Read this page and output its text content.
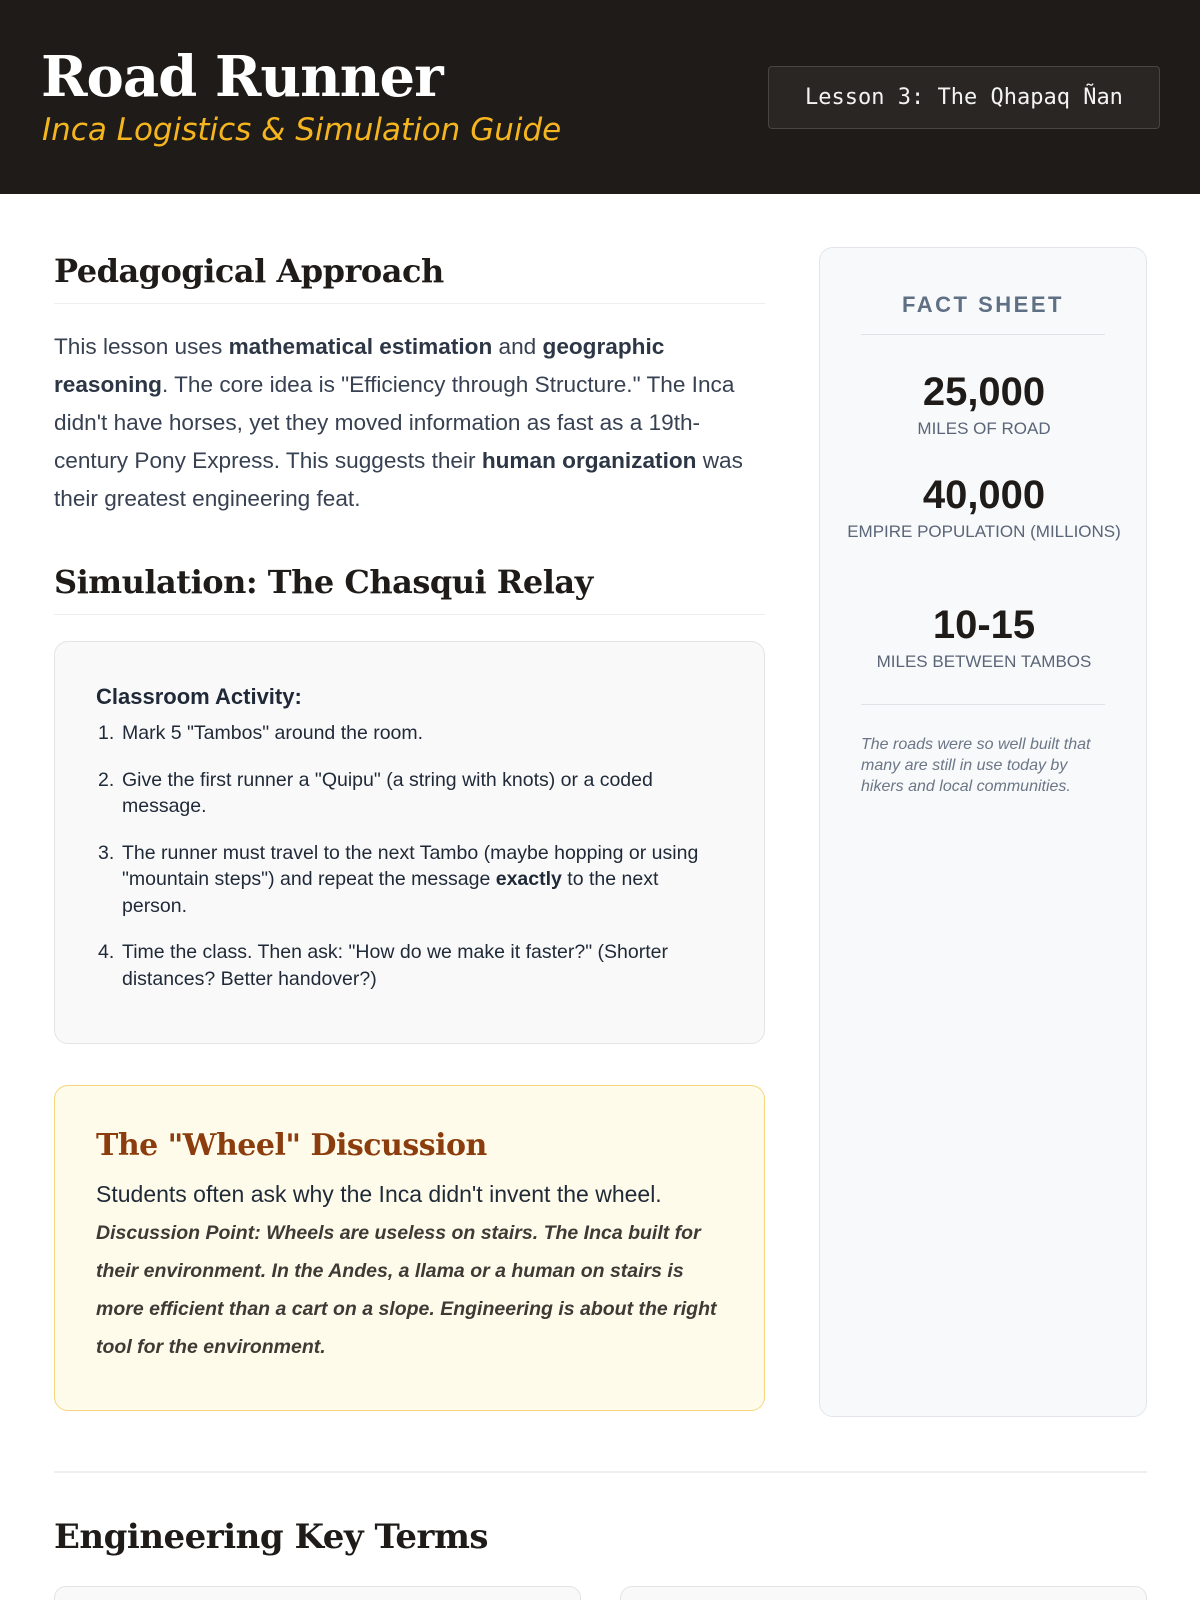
Road Runner
Inca Logistics & Simulation Guide
Lesson 3: The Qhapaq Ñan
Pedagogical Approach

This lesson uses mathematical estimation and geographic reasoning. The core idea is "Efficiency through Structure." The Inca didn't have horses, yet they moved information as fast as a 19th-century Pony Express. This suggests their human organization was their greatest engineering feat.

Simulation: The Chasqui Relay
Classroom Activity:
1. Mark 5 "Tambos" around the room.
2. Give the first runner a "Quipu" (a string with knots) or a coded message.
3. The runner must travel to the next Tambo (maybe hopping or using "mountain steps") and repeat the message exactly to the next person.
4. Time the class. Then ask: "How do we make it faster?" (Shorter distances? Better handover?)
The "Wheel" Discussion

Students often ask why the Inca didn't invent the wheel.

Discussion Point: Wheels are useless on stairs. The Inca built for their environment. In the Andes, a llama or a human on stairs is more efficient than a cart on a slope. Engineering is about the right tool for the environment.

FACT SHEET
25,000
MILES OF ROAD
40,000
EMPIRE POPULATION (MILLIONS)
10-15
MILES BETWEEN TAMBOS

The roads were so well built that many are still in use today by hikers and local communities.

Engineering Key Terms
